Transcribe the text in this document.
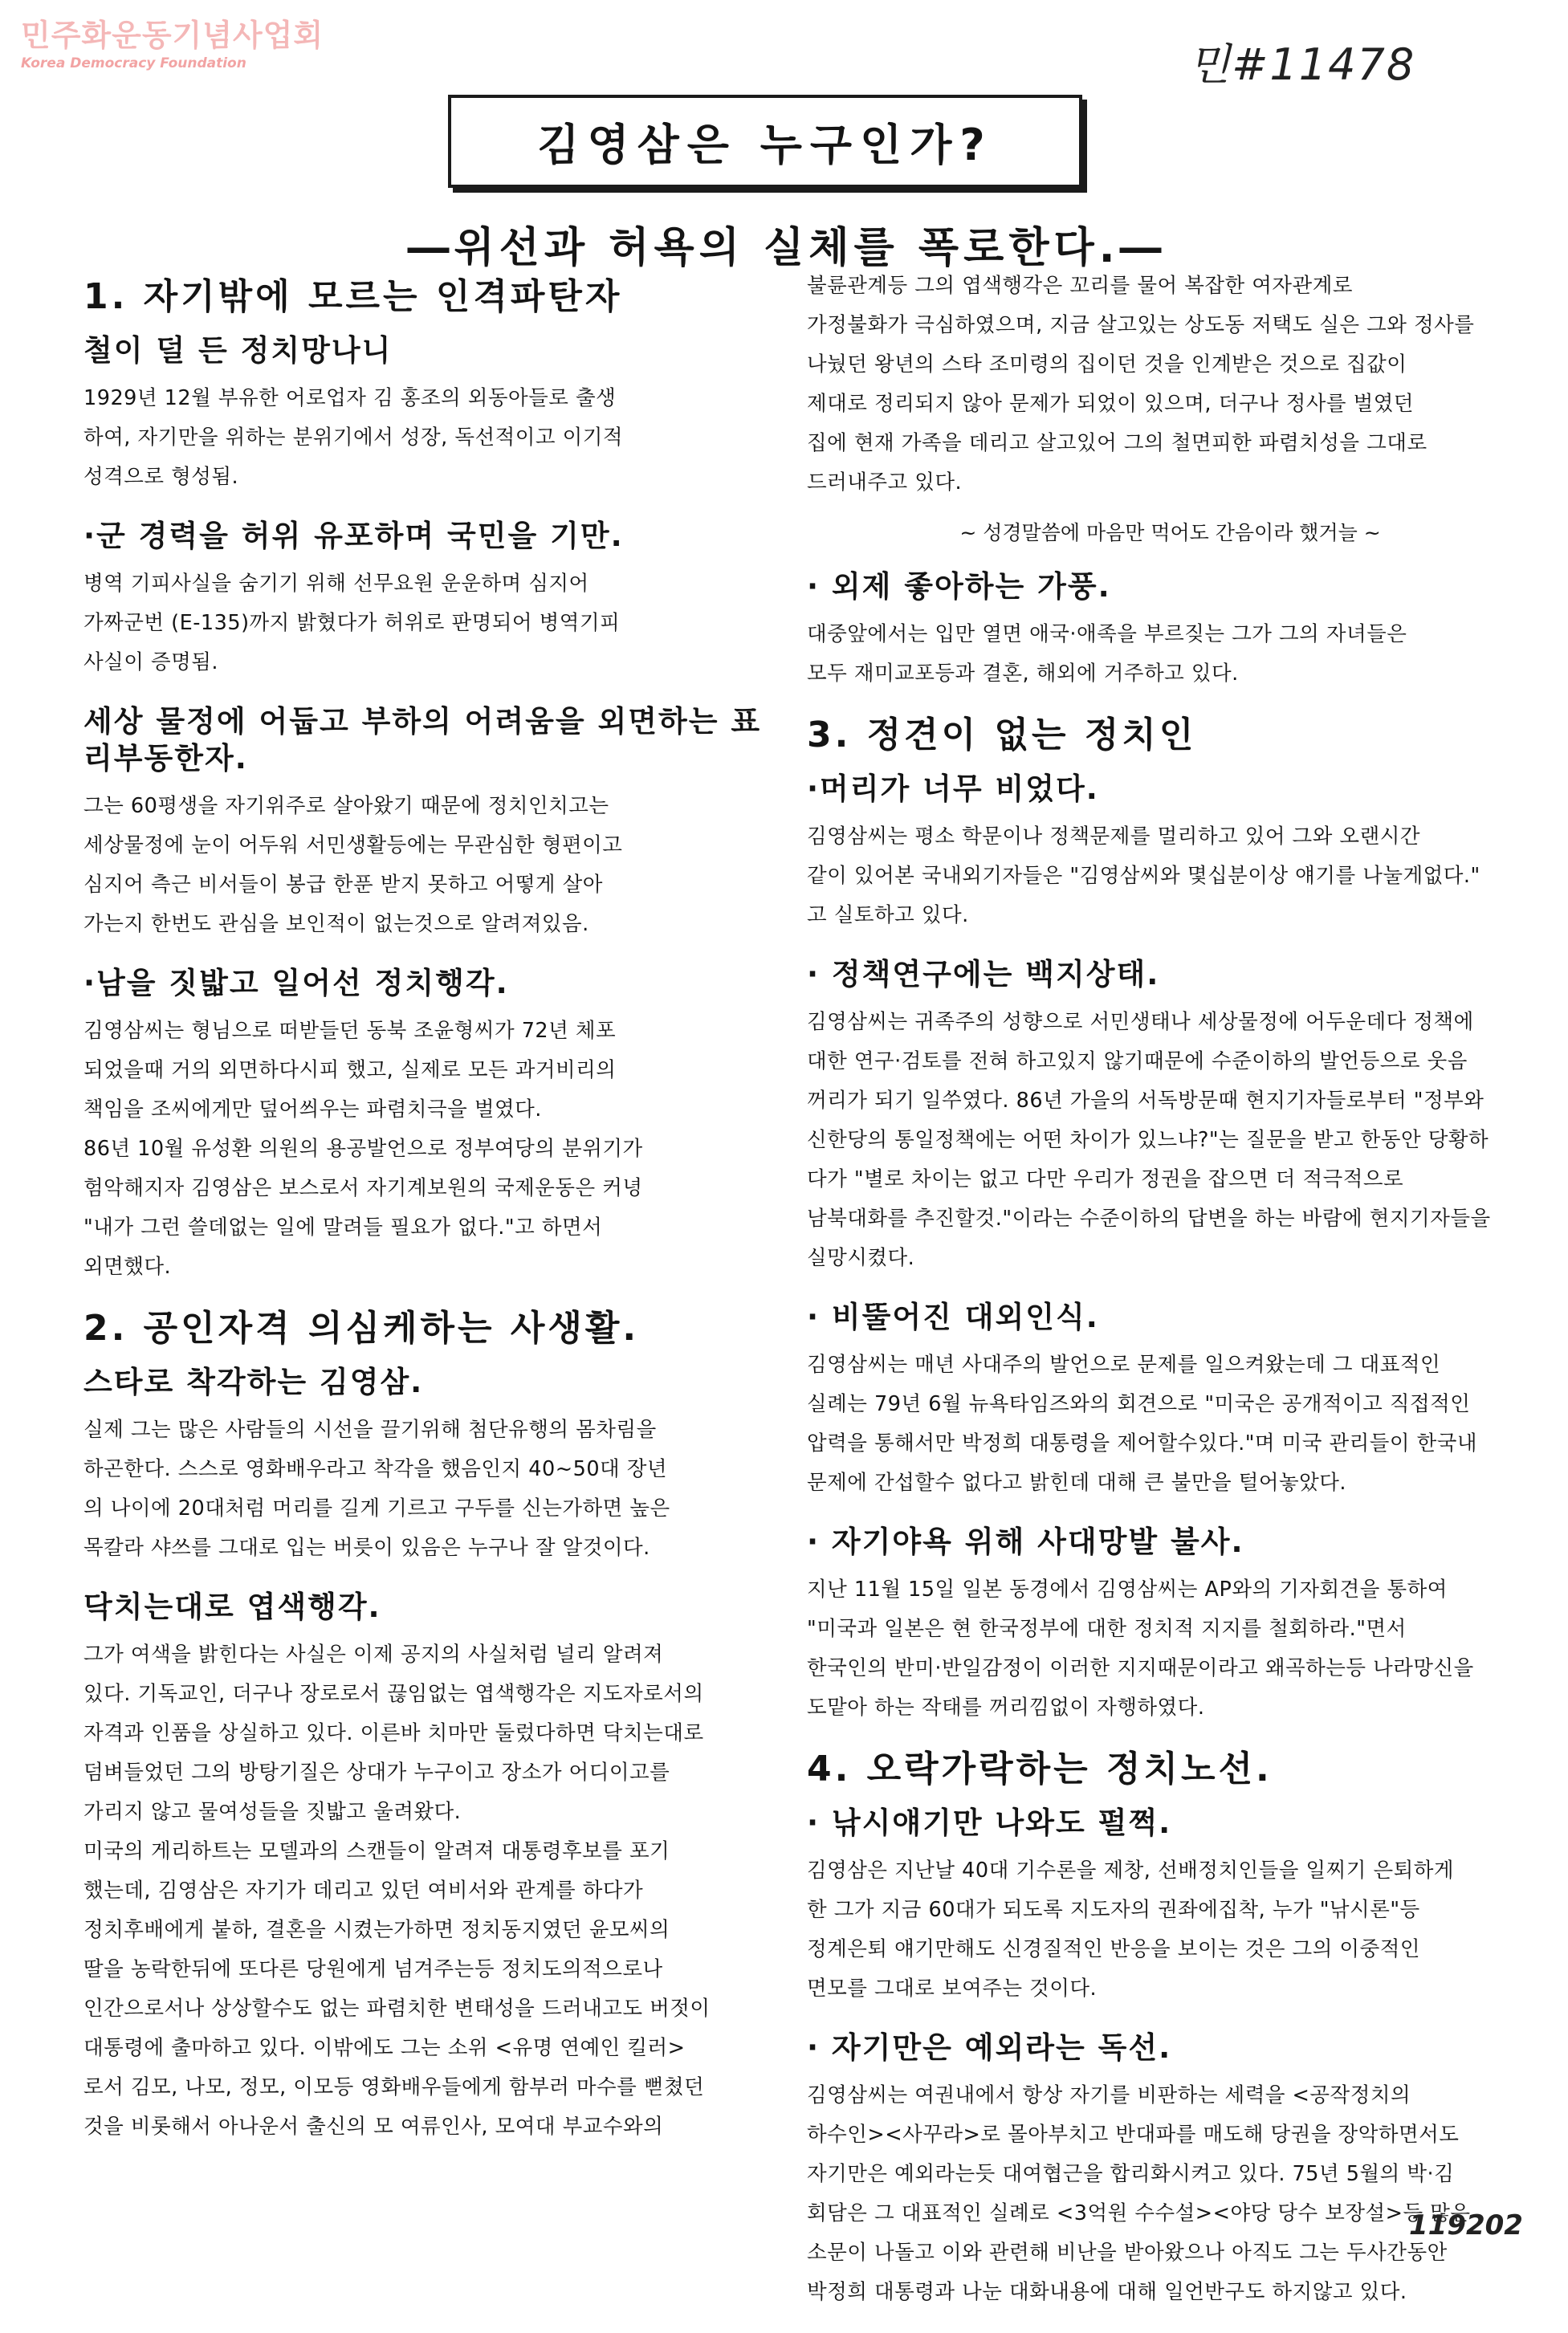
민주화운동기념사업회
Korea Democracy Foundation	민#11478
김영삼은 누구인가?
―위선과 허욕의 실체를 폭로한다.―
1. 자기밖에 모르는 인격파탄자
철이 덜 든 정치망나니
1929년 12월 부유한 어로업자 김 홍조의 외동아들로 출생
하여, 자기만을 위하는 분위기에서 성장, 독선적이고 이기적
성격으로 형성됨.
·군 경력을 허위 유포하며 국민을 기만.
병역 기피사실을 숨기기 위해 선무요원 운운하며 심지어
가짜군번 (E-135)까지 밝혔다가 허위로 판명되어 병역기피
사실이 증명됨.
세상 물정에 어둡고 부하의 어려움을 외면하는 표리부동한자.
그는 60평생을 자기위주로 살아왔기 때문에 정치인치고는
세상물정에 눈이 어두워 서민생활등에는 무관심한 형편이고
심지어 측근 비서들이 봉급 한푼 받지 못하고 어떻게 살아
가는지 한번도 관심을 보인적이 없는것으로 알려져있음.
·남을 짓밟고 일어선 정치행각.
김영삼씨는 형님으로 떠받들던 동북 조윤형씨가 72년 체포
되었을때 거의 외면하다시피 했고, 실제로 모든 과거비리의
책임을 조씨에게만 덮어씌우는 파렴치극을 벌였다.
86년 10월 유성환 의원의 용공발언으로 정부여당의 분위기가
험악해지자 김영삼은 보스로서 자기계보원의 국제운동은 커녕
"내가 그런 쓸데없는 일에 말려들 필요가 없다."고 하면서
외면했다.
2. 공인자격 의심케하는 사생활.
스타로 착각하는 김영삼.
실제 그는 많은 사람들의 시선을 끌기위해 첨단유행의 몸차림을
하곤한다. 스스로 영화배우라고 착각을 했음인지 40~50대 장년
의 나이에 20대처럼 머리를 길게 기르고 구두를 신는가하면 높은
목칼라 샤쓰를 그대로 입는 버릇이 있음은 누구나 잘 알것이다.
닥치는대로 엽색행각.
그가 여색을 밝힌다는 사실은 이제 공지의 사실처럼 널리 알려져
있다. 기독교인, 더구나 장로로서 끊임없는 엽색행각은 지도자로서의
자격과 인품을 상실하고 있다. 이른바 치마만 둘렀다하면 닥치는대로
덤벼들었던 그의 방탕기질은 상대가 누구이고 장소가 어디이고를
가리지 않고 물여성들을 짓밟고 울려왔다.
미국의 게리하트는 모델과의 스캔들이 알려져 대통령후보를 포기
했는데, 김영삼은 자기가 데리고 있던 여비서와 관계를 하다가
정치후배에게 붙하, 결혼을 시켰는가하면 정치동지였던 윤모씨의
딸을 농락한뒤에 또다른 당원에게 넘겨주는등 정치도의적으로나
인간으로서나 상상할수도 없는 파렴치한 변태성을 드러내고도 버젓이
대통령에 출마하고 있다. 이밖에도 그는 소위 <유명 연예인 킬러>
로서 김모, 나모, 정모, 이모등 영화배우들에게 함부러 마수를 뻗쳤던
것을 비롯해서 아나운서 출신의 모 여류인사, 모여대 부교수와의
불륜관계등 그의 엽색행각은 꼬리를 물어 복잡한 여자관계로
가정불화가 극심하였으며, 지금 살고있는 상도동 저택도 실은 그와 정사를
나눴던 왕년의 스타 조미령의 집이던 것을 인계받은 것으로 집값이
제대로 정리되지 않아 문제가 되었이 있으며, 더구나 정사를 벌였던
집에 현재 가족을 데리고 살고있어 그의 철면피한 파렴치성을 그대로
드러내주고 있다.
~ 성경말씀에 마음만 먹어도 간음이라 했거늘 ~
· 외제 좋아하는 가풍.
대중앞에서는 입만 열면 애국·애족을 부르짖는 그가 그의 자녀들은
모두 재미교포등과 결혼, 해외에 거주하고 있다.
3. 정견이 없는 정치인
·머리가 너무 비었다.
김영삼씨는 평소 학문이나 정책문제를 멀리하고 있어 그와 오랜시간
같이 있어본 국내외기자들은 "김영삼씨와 몇십분이상 얘기를 나눌게없다."
고 실토하고 있다.
· 정책연구에는 백지상태.
김영삼씨는 귀족주의 성향으로 서민생태나 세상물정에 어두운데다 정책에
대한 연구·검토를 전혀 하고있지 않기때문에 수준이하의 발언등으로 웃음
꺼리가 되기 일쑤였다. 86년 가을의 서독방문때 현지기자들로부터 "정부와
신한당의 통일정책에는 어떤 차이가 있느냐?"는 질문을 받고 한동안 당황하
다가 "별로 차이는 없고 다만 우리가 정권을 잡으면 더 적극적으로
남북대화를 추진할것."이라는 수준이하의 답변을 하는 바람에 현지기자들을
실망시켰다.
· 비뚤어진 대외인식.
김영삼씨는 매년 사대주의 발언으로 문제를 일으켜왔는데 그 대표적인
실례는 79년 6월 뉴욕타임즈와의 회견으로 "미국은 공개적이고 직접적인
압력을 통해서만 박정희 대통령을 제어할수있다."며 미국 관리들이 한국내
문제에 간섭할수 없다고 밝힌데 대해 큰 불만을 털어놓았다.
· 자기야욕 위해 사대망발 불사.
지난 11월 15일 일본 동경에서 김영삼씨는 AP와의 기자회견을 통하여
"미국과 일본은 현 한국정부에 대한 정치적 지지를 철회하라."면서
한국인의 반미·반일감정이 이러한 지지때문이라고 왜곡하는등 나라망신을
도맡아 하는 작태를 꺼리낌없이 자행하였다.
4. 오락가락하는 정치노선.
· 낚시얘기만 나와도 펄쩍.
김영삼은 지난날 40대 기수론을 제창, 선배정치인들을 일찌기 은퇴하게
한 그가 지금 60대가 되도록 지도자의 권좌에집착, 누가 "낚시론"등
정계은퇴 얘기만해도 신경질적인 반응을 보이는 것은 그의 이중적인
면모를 그대로 보여주는 것이다.
· 자기만은 예외라는 독선.
김영삼씨는 여권내에서 항상 자기를 비판하는 세력을 <공작정치의
하수인><사꾸라>로 몰아부치고 반대파를 매도해 당권을 장악하면서도
자기만은 예외라는듯 대여협근을 합리화시켜고 있다. 75년 5월의 박·김
회담은 그 대표적인 실례로 <3억원 수수설><야당 당수 보장설>등 많은
소문이 나돌고 이와 관련해 비난을 받아왔으나 아직도 그는 두사간동안
박정희 대통령과 나눈 대화내용에 대해 일언반구도 하지않고 있다.
119202
